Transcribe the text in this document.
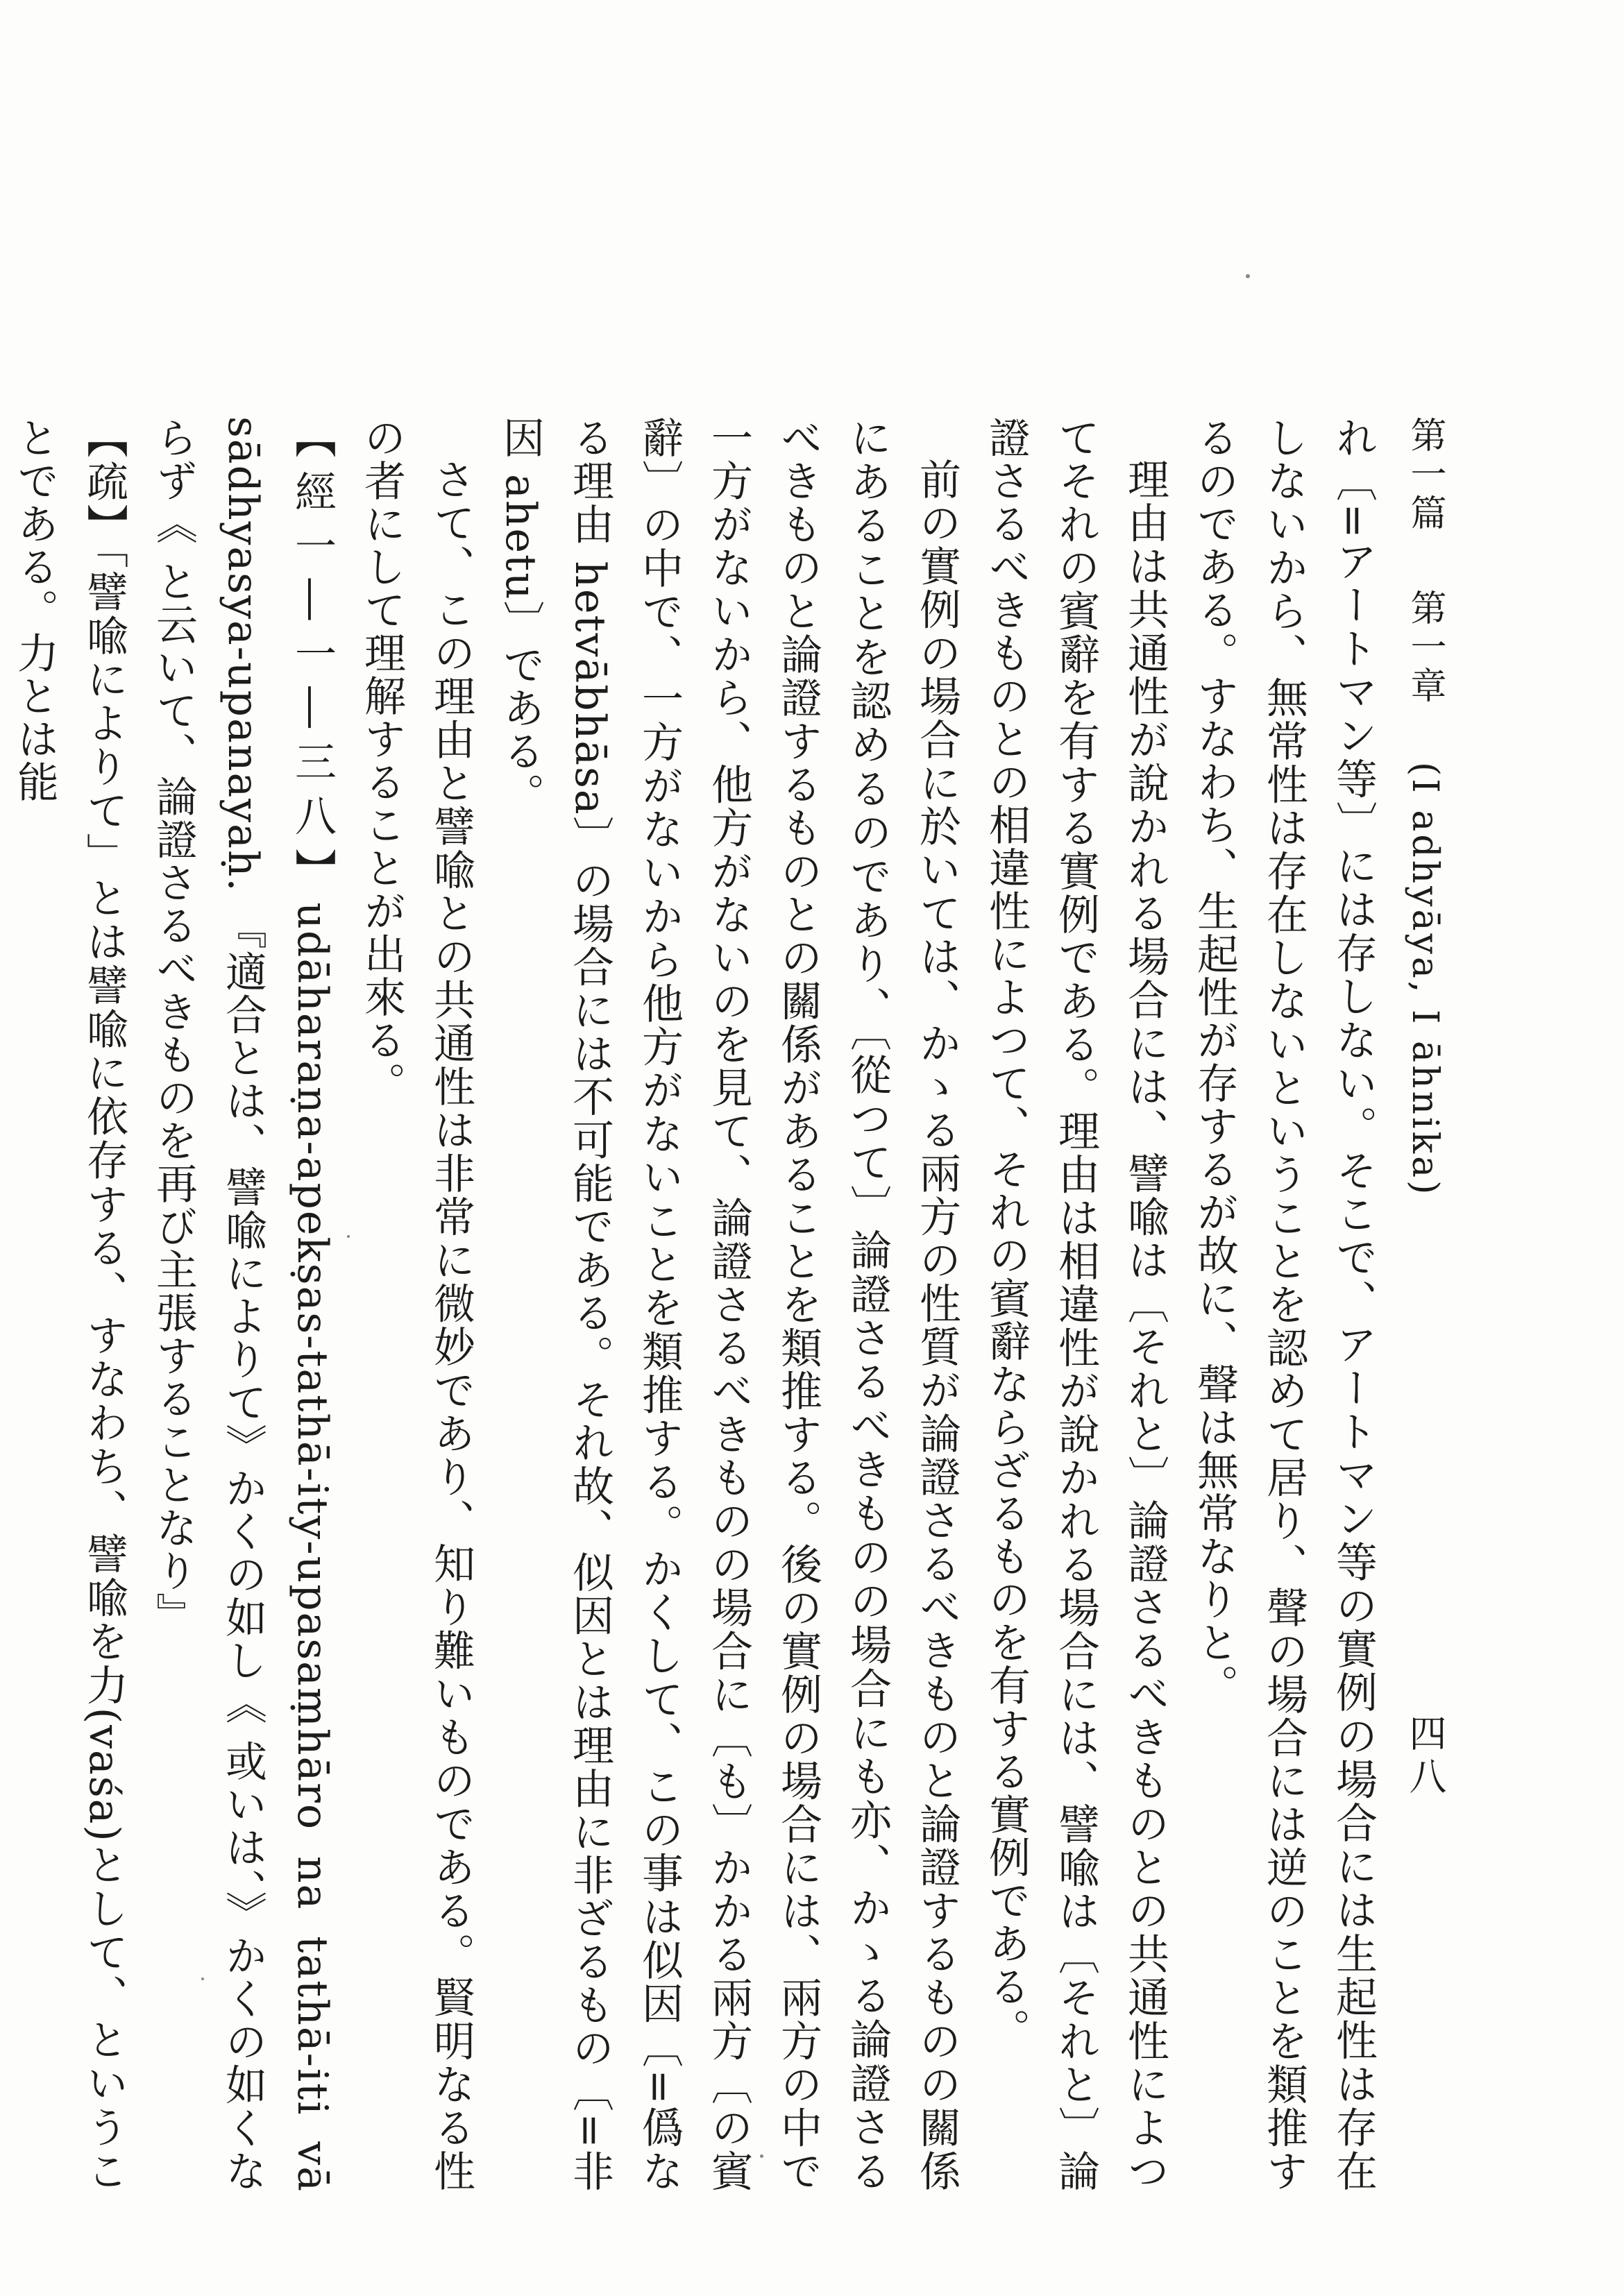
第一篇  第一章  (I adhyāya, I āhnika)
四八

れ〔=アートマン等〕には存しない。そこで、アートマン等の實例の場合には生起性は存在しないから、無常性は存在しないということを認めて居り、聲の場合には逆のことを類推するのである。すなわち、生起性が存するが故に、聲は無常なりと。

理由は共通性が說かれる場合には、譬喩は〔それと〕論證さるべきものとの共通性によつてそれの賓辭を有する實例である。理由は相違性が說かれる場合には、譬喩は〔それと〕論證さるべきものとの相違性によつて、それの賓辭ならざるものを有する實例である。

前の實例の場合に於いては、かゝる兩方の性質が論證さるべきものと論證するものの關係にあることを認めるのであり、〔從つて〕論證さるべきものの場合にも亦、かゝる論證さるべきものと論證するものとの關係があることを類推する。後の實例の場合には、兩方の中で一方がないから、他方がないのを見て、論證さるべきものの場合に〔も〕かかる兩方〔の賓辭〕の中で、一方がないから他方がないことを類推する。かくして、この事は似因〔=僞なる理由 hetvābhāsa〕の場合には不可能である。それ故、似因とは理由に非ざるもの〔=非因 ahetu〕である。

さて、この理由と譬喩との共通性は非常に微妙であり、知り難いものである。賢明なる性の者にして理解することが出來る。

【經一―一―三八】udāharaṇa-apekṣas-tathā-ity-upasaṃhāro na tathā-iti vā sādhyasya-upanayaḥ. 『適合とは、譬喩によりて》かくの如し《 或いは、》かくの如くならず《 と云いて、論證さるべきものを再び主張することなり』

【疏】「譬喩によりて」とは譬喩に依存する、すなわち、譬喩を力(vaśa)として、ということである。力とは能
